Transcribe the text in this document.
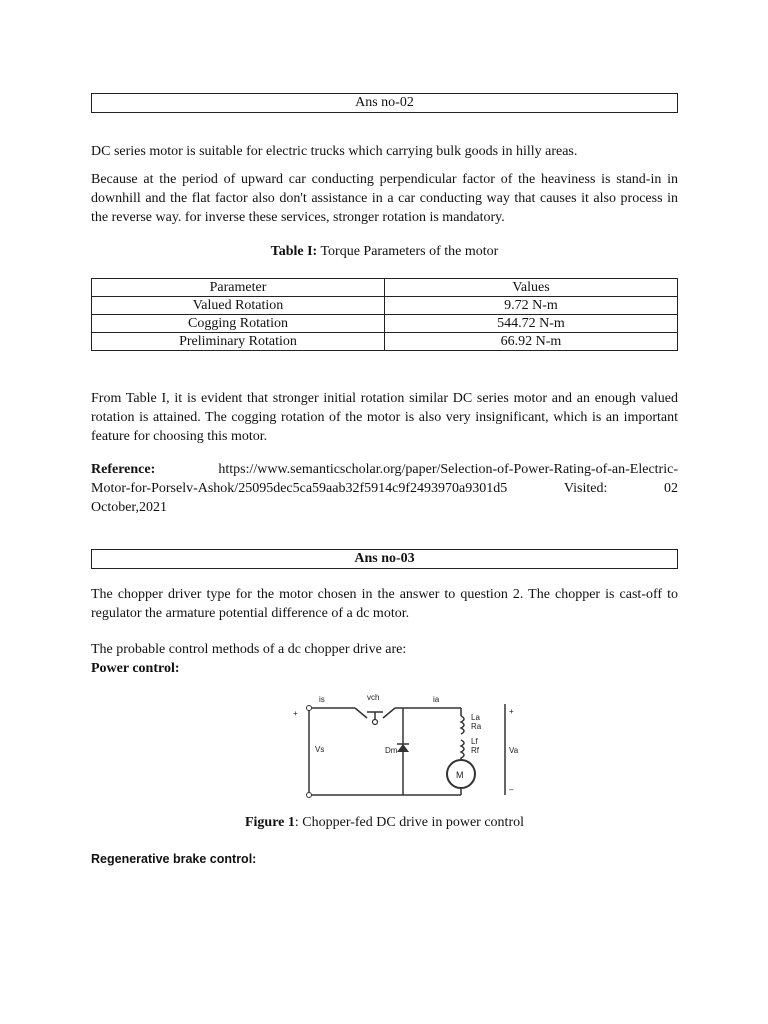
Ans no-02

DC series motor is suitable for electric trucks which carrying bulk goods in hilly areas.

Because at the period of upward car conducting perpendicular factor of the heaviness is stand-in in downhill and the flat factor also don't assistance in a car conducting way that causes it also process in the reverse way. for inverse these services, stronger rotation is mandatory.

Table I: Torque Parameters of the motor
Parameter	Values
Valued Rotation	9.72 N-m
Cogging Rotation	544.72 N-m
Preliminary Rotation	66.92 N-m

From Table I, it is evident that stronger initial rotation similar DC series motor and an enough valued rotation is attained. The cogging rotation of the motor is also very insignificant, which is an important feature for choosing this motor.

Reference:	https://www.semanticscholar.org/paper/Selection-of-Power-Rating-of-an-Electric-
Motor-for-Porselv-Ashok/25095dec5ca59aab32f5914c9f2493970a9301d5	Visited:	02
October,2021
Ans no-03

The chopper driver type for the motor chosen in the answer to question 2. The chopper is cast-off to regulator the armature potential difference of a dc motor.

The probable control methods of a dc chopper drive are:

Power control:

+
is	vch	ia
+
La
Ra
Lf
Rf
Vs	Dm	Va
M
–
Figure 1: Chopper-fed DC drive in power control

Regenerative brake control:
